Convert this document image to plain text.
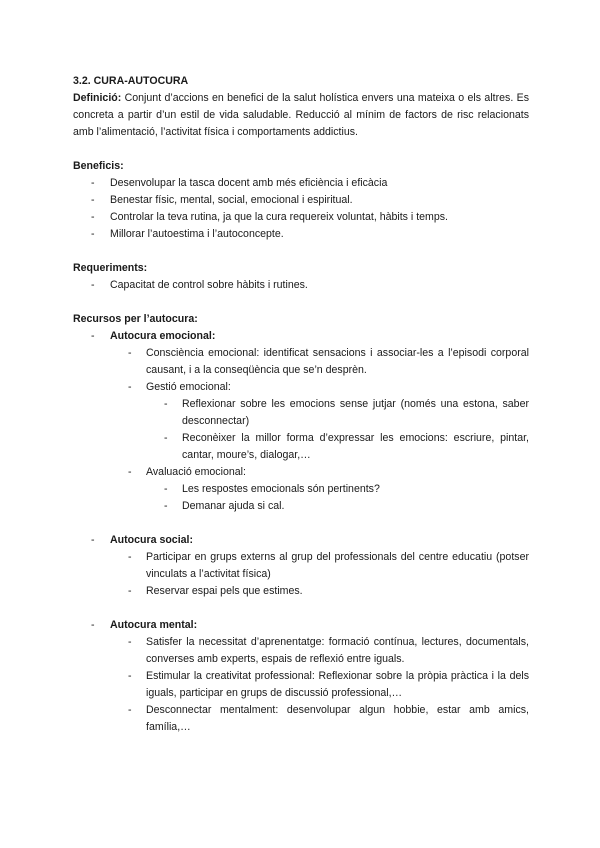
3.2. CURA-AUTOCURA

Definició: Conjunt d’accions en benefici de la salut holística envers una mateixa o els altres. Es concreta a partir d’un estil de vida saludable. Reducció al mínim de factors de risc relacionats amb l’alimentació, l’activitat física i comportaments addictius.

Beneficis:

- Desenvolupar la tasca docent amb més eficiència i eficàcia
- Benestar físic, mental, social, emocional i espiritual.
- Controlar la teva rutina, ja que la cura requereix voluntat, hàbits i temps.
- Millorar l’autoestima i l’autoconcepte.

Requeriments:

- Capacitat de control sobre hàbits i rutines.

Recursos per l’autocura:

- Autocura emocional:
- Consciència emocional: identificat sensacions i associar-les a l’episodi corporal causant, i a la conseqüència que se’n desprèn.
- Gestió emocional:
- Reflexionar sobre les emocions sense jutjar (només una estona, saber desconnectar)
- Reconèixer la millor forma d’expressar les emocions: escriure, pintar, cantar, moure’s, dialogar,…
- Avaluació emocional:
- Les respostes emocionals són pertinents?
- Demanar ajuda si cal.
- Autocura social:
- Participar en grups externs al grup del professionals del centre educatiu (potser vinculats a l’activitat física)
- Reservar espai pels que estimes.
- Autocura mental:
- Satisfer la necessitat d’aprenentatge: formació contínua, lectures, documentals, converses amb experts, espais de reflexió entre iguals.
- Estimular la creativitat professional: Reflexionar sobre la pròpia pràctica i la dels iguals, participar en grups de discussió professional,…
- Desconnectar mentalment: desenvolupar algun hobbie, estar amb amics, família,…
